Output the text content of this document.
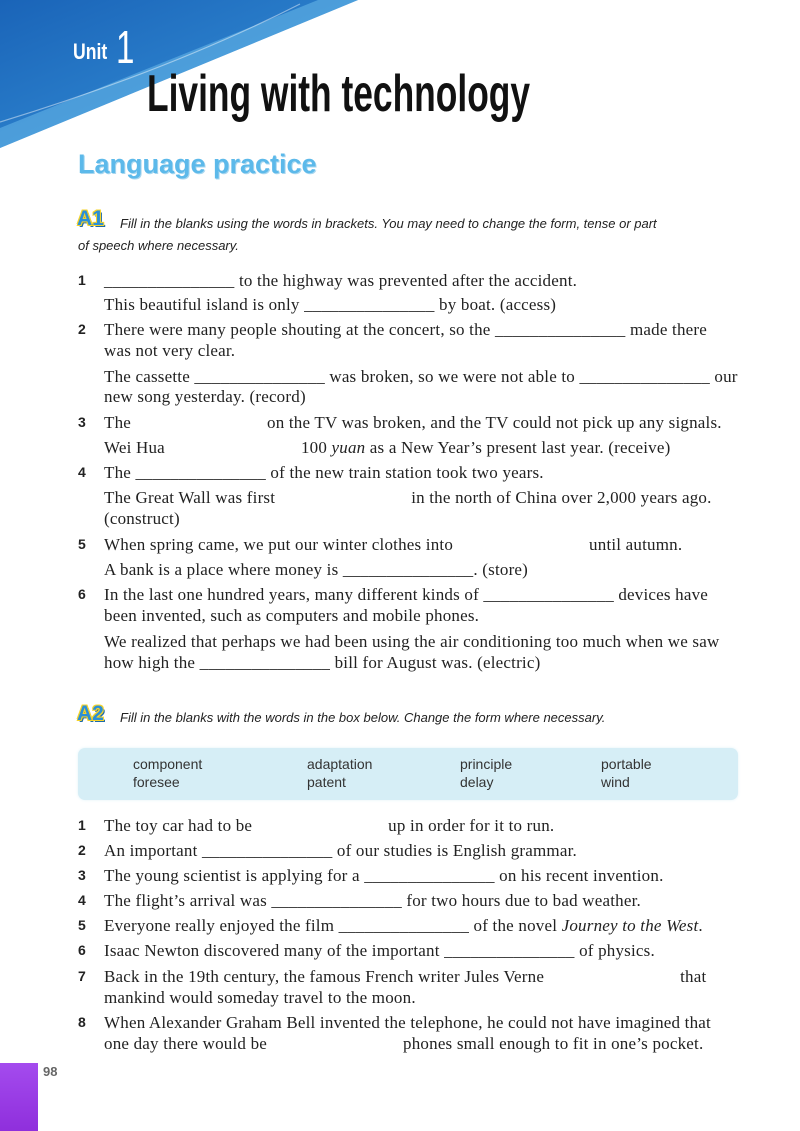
Unit 1
Living with technology
Language practice
A1 Fill in the blanks using the words in brackets. You may need to change the form, tense or part
of speech where necessary.
1 _______________ to the highway was prevented after the accident.
This beautiful island is only _______________ by boat. (access)
2 There were many people shouting at the concert, so the _______________ made there
was not very clear.
The cassette _______________ was broken, so we were not able to _______________ our
new song yesterday. (record)
3 The	on the TV was broken, and the TV could not pick up any signals.
Wei Hua	100 yuan as a New Year’s present last year. (receive)
4 The _______________ of the new train station took two years.
The Great Wall was first	in the north of China over 2,000 years ago.
(construct)
5 When spring came, we put our winter clothes into	until autumn.
A bank is a place where money is _______________. (store)
6 In the last one hundred years, many different kinds of _______________ devices have
been invented, such as computers and mobile phones.
We realized that perhaps we had been using the air conditioning too much when we saw
how high the _______________ bill for August was. (electric)
A2 Fill in the blanks with the words in the box below. Change the form where necessary.
component	adaptation	principle	portable
foresee	patent	delay	wind
1 The toy car had to be	up in order for it to run.
2 An important _______________ of our studies is English grammar.
3 The young scientist is applying for a _______________ on his recent invention.
4 The flight’s arrival was _______________ for two hours due to bad weather.
5 Everyone really enjoyed the film _______________ of the novel Journey to the West.
6 Isaac Newton discovered many of the important _______________ of physics.
7 Back in the 19th century, the famous French writer Jules Verne	that
mankind would someday travel to the moon.
8 When Alexander Graham Bell invented the telephone, he could not have imagined that
one day there would be	phones small enough to fit in one’s pocket.
98
